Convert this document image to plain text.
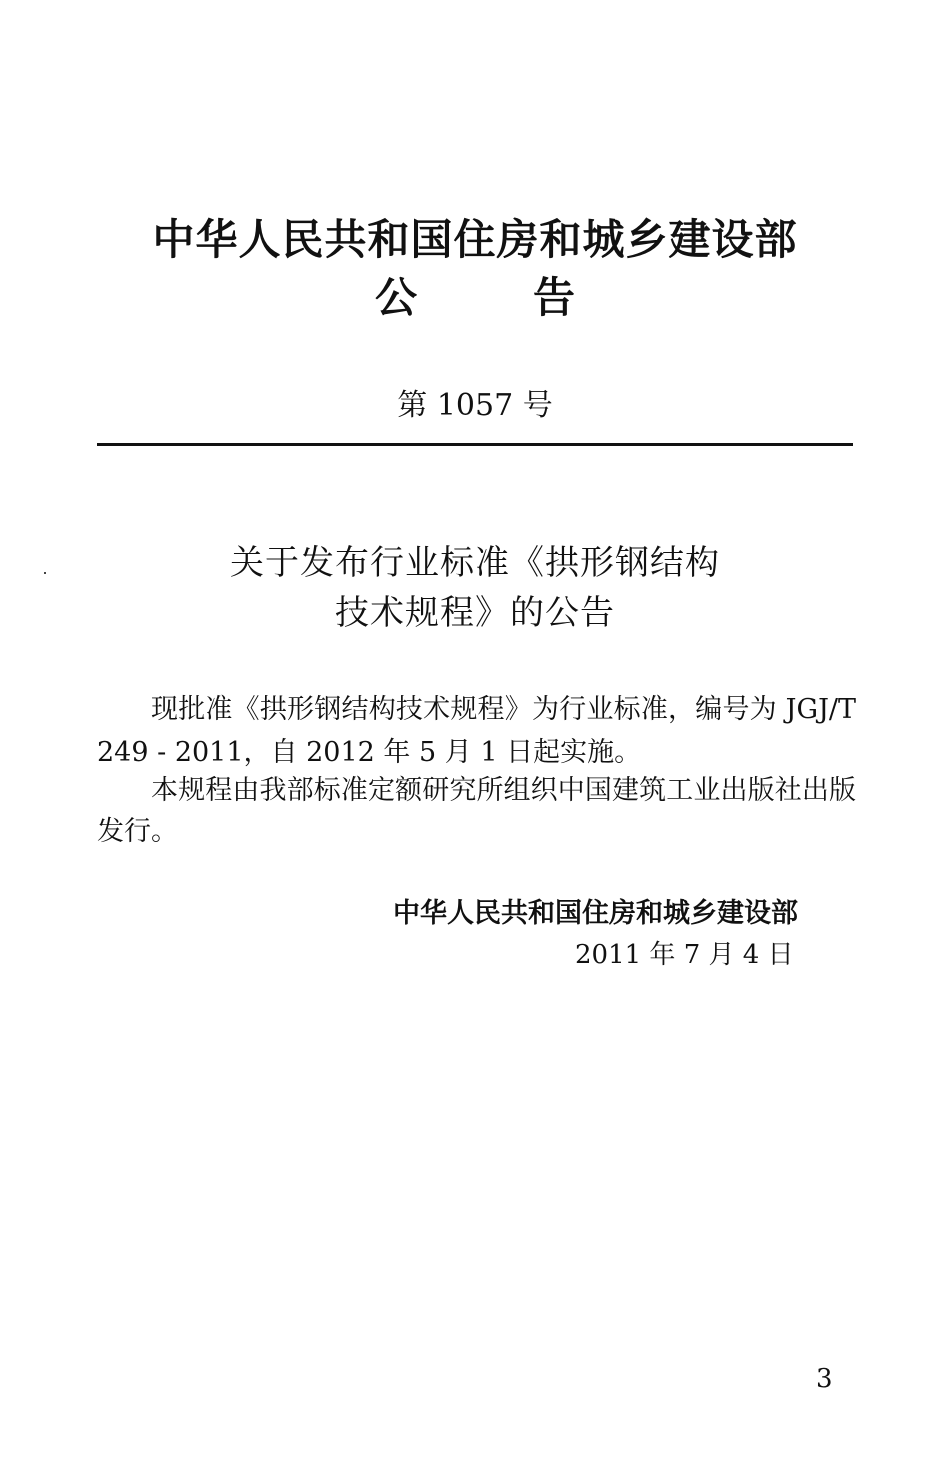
中华人民共和国住房和城乡建设部
公	告
第 1057 号
关于发布行业标准《拱形钢结构
技术规程》的公告
现批准《拱形钢结构技术规程》为行业标准，编号为 JGJ/T
249 - 2011，自 2012 年 5 月 1 日起实施。
本规程由我部标准定额研究所组织中国建筑工业出版社出版
发行。
中华人民共和国住房和城乡建设部
2011 年 7 月 4 日
3
